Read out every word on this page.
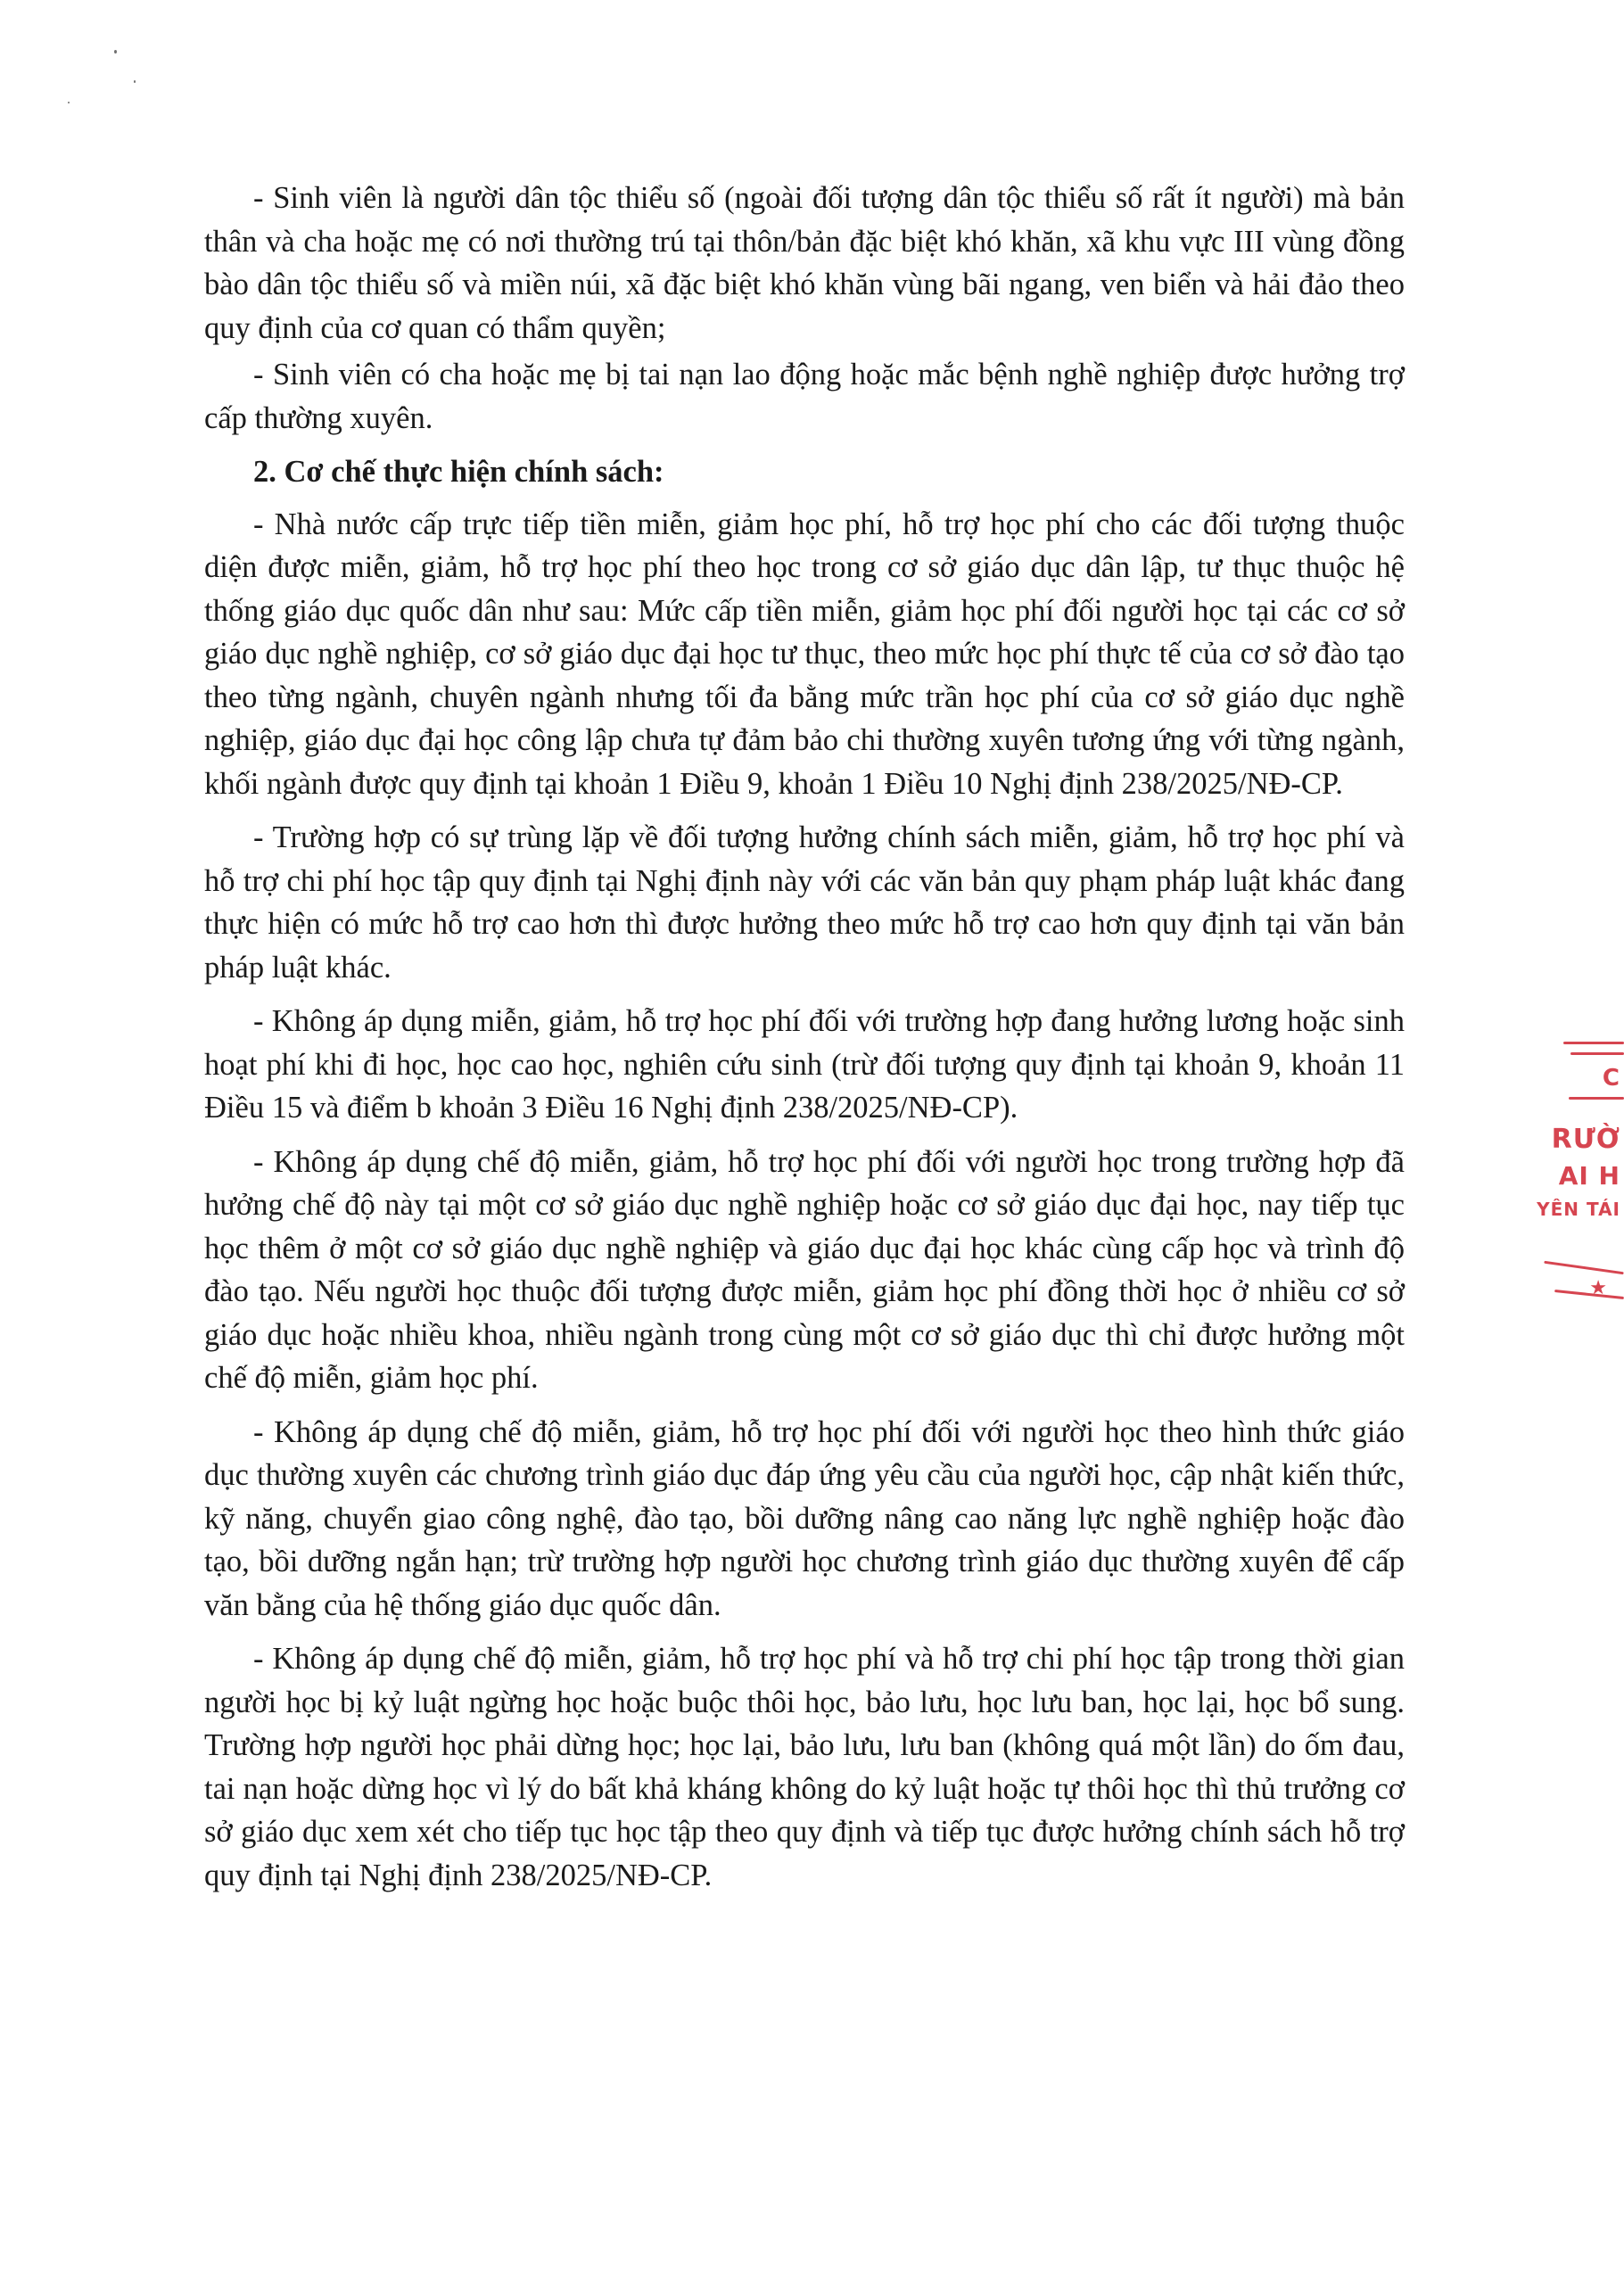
- Sinh viên là người dân tộc thiểu số (ngoài đối tượng dân tộc thiểu số rất ít người) mà bản thân và cha hoặc mẹ có nơi thường trú tại thôn/bản đặc biệt khó khăn, xã khu vực III vùng đồng bào dân tộc thiểu số và miền núi, xã đặc biệt khó khăn vùng bãi ngang, ven biển và hải đảo theo quy định của cơ quan có thẩm quyền;

- Sinh viên có cha hoặc mẹ bị tai nạn lao động hoặc mắc bệnh nghề nghiệp được hưởng trợ cấp thường xuyên.

2. Cơ chế thực hiện chính sách:

- Nhà nước cấp trực tiếp tiền miễn, giảm học phí, hỗ trợ học phí cho các đối tượng thuộc diện được miễn, giảm, hỗ trợ học phí theo học trong cơ sở giáo dục dân lập, tư thục thuộc hệ thống giáo dục quốc dân như sau: Mức cấp tiền miễn, giảm học phí đối người học tại các cơ sở giáo dục nghề nghiệp, cơ sở giáo dục đại học tư thục, theo mức học phí thực tế của cơ sở đào tạo theo từng ngành, chuyên ngành nhưng tối đa bằng mức trần học phí của cơ sở giáo dục nghề nghiệp, giáo dục đại học công lập chưa tự đảm bảo chi thường xuyên tương ứng với từng ngành, khối ngành được quy định tại khoản 1 Điều 9, khoản 1 Điều 10 Nghị định 238/2025/NĐ-CP.

- Trường hợp có sự trùng lặp về đối tượng hưởng chính sách miễn, giảm, hỗ trợ học phí và hỗ trợ chi phí học tập quy định tại Nghị định này với các văn bản quy phạm pháp luật khác đang thực hiện có mức hỗ trợ cao hơn thì được hưởng theo mức hỗ trợ cao hơn quy định tại văn bản pháp luật khác.

- Không áp dụng miễn, giảm, hỗ trợ học phí đối với trường hợp đang hưởng lương hoặc sinh hoạt phí khi đi học, học cao học, nghiên cứu sinh (trừ đối tượng quy định tại khoản 9, khoản 11 Điều 15 và điểm b khoản 3 Điều 16 Nghị định 238/2025/NĐ-CP).

- Không áp dụng chế độ miễn, giảm, hỗ trợ học phí đối với người học trong trường hợp đã hưởng chế độ này tại một cơ sở giáo dục nghề nghiệp hoặc cơ sở giáo dục đại học, nay tiếp tục học thêm ở một cơ sở giáo dục nghề nghiệp và giáo dục đại học khác cùng cấp học và trình độ đào tạo. Nếu người học thuộc đối tượng được miễn, giảm học phí đồng thời học ở nhiều cơ sở giáo dục hoặc nhiều khoa, nhiều ngành trong cùng một cơ sở giáo dục thì chỉ được hưởng một chế độ miễn, giảm học phí.

- Không áp dụng chế độ miễn, giảm, hỗ trợ học phí đối với người học theo hình thức giáo dục thường xuyên các chương trình giáo dục đáp ứng yêu cầu của người học, cập nhật kiến thức, kỹ năng, chuyển giao công nghệ, đào tạo, bồi dưỡng nâng cao năng lực nghề nghiệp hoặc đào tạo, bồi dưỡng ngắn hạn; trừ trường hợp người học chương trình giáo dục thường xuyên để cấp văn bằng của hệ thống giáo dục quốc dân.

- Không áp dụng chế độ miễn, giảm, hỗ trợ học phí và hỗ trợ chi phí học tập trong thời gian người học bị kỷ luật ngừng học hoặc buộc thôi học, bảo lưu, học lưu ban, học lại, học bổ sung. Trường hợp người học phải dừng học; học lại, bảo lưu, lưu ban (không quá một lần) do ốm đau, tai nạn hoặc dừng học vì lý do bất khả kháng không do kỷ luật hoặc tự thôi học thì thủ trưởng cơ sở giáo dục xem xét cho tiếp tục học tập theo quy định và tiếp tục được hưởng chính sách hỗ trợ quy định tại Nghị định 238/2025/NĐ-CP.

C
RƯỜ
AI H
YÊN TÁI
★
